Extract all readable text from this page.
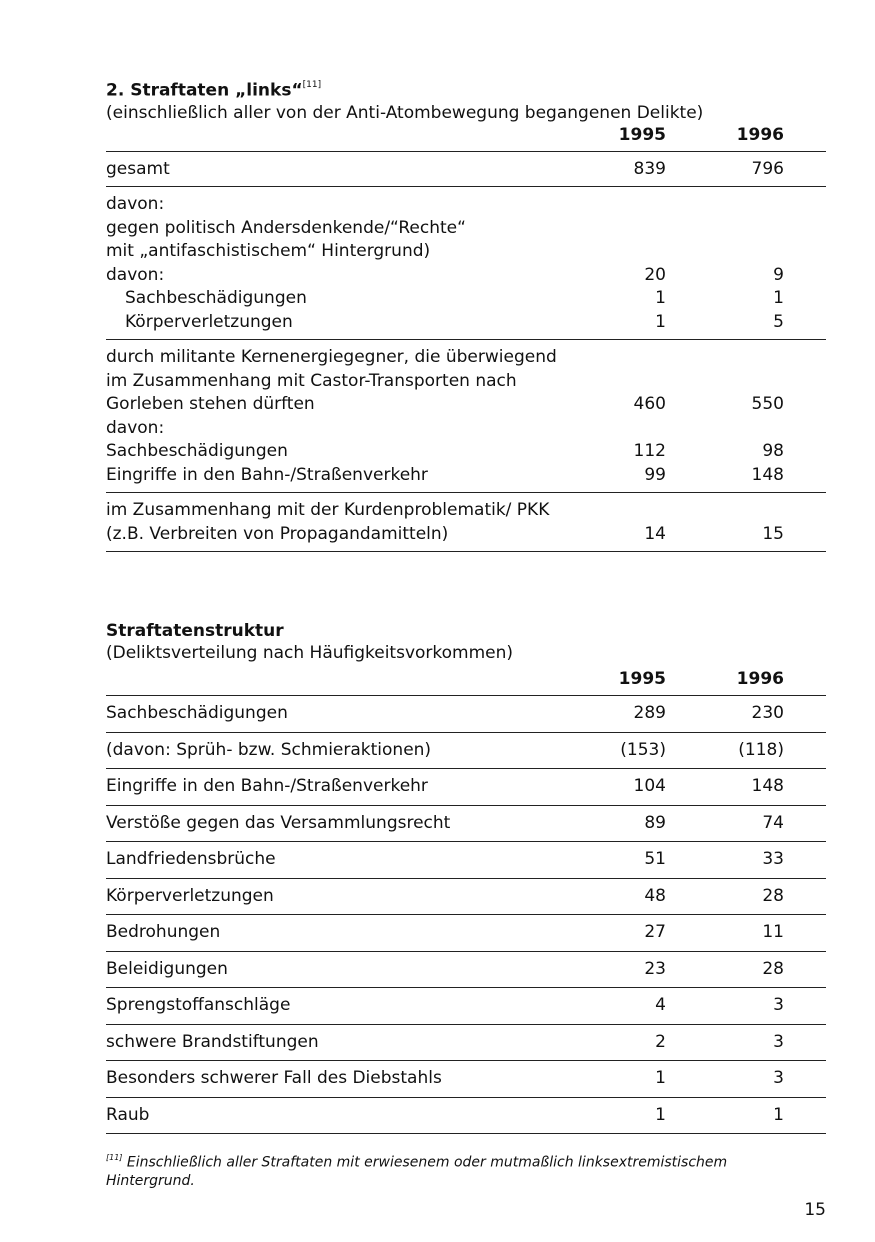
2. Straftaten „links“[11]
(einschließlich aller von der Anti-Atombewegung begangenen Delikte)
1995	1996
gesamt	839	796
davon:
gegen politisch Andersdenkende/“Rechte“
mit „antifaschistischem“ Hintergrund)
davon:	20	9
Sachbeschädigungen	1	1
Körperverletzungen	1	5
durch militante Kernenergiegegner, die überwiegend
im Zusammenhang mit Castor-Transporten nach
Gorleben stehen dürften	460	550
davon:
Sachbeschädigungen	112	98
Eingriffe in den Bahn-/Straßenverkehr	99	148
im Zusammenhang mit der Kurdenproblematik/ PKK
(z.B. Verbreiten von Propagandamitteln)	14	15
Straftatenstruktur
(Deliktsverteilung nach Häufigkeitsvorkommen)
1995	1996
Sachbeschädigungen	289	230
(davon: Sprüh- bzw. Schmieraktionen)	(153)	(118)
Eingriffe in den Bahn-/Straßenverkehr	104	148
Verstöße gegen das Versammlungsrecht	89	74
Landfriedensbrüche	51	33
Körperverletzungen	48	28
Bedrohungen	27	11
Beleidigungen	23	28
Sprengstoffanschläge	4	3
schwere Brandstiftungen	2	3
Besonders schwerer Fall des Diebstahls	1	3
Raub	1	1
[11] Einschließlich aller Straftaten mit erwiesenem oder mutmaßlich linksextremistischem Hintergrund.
15
